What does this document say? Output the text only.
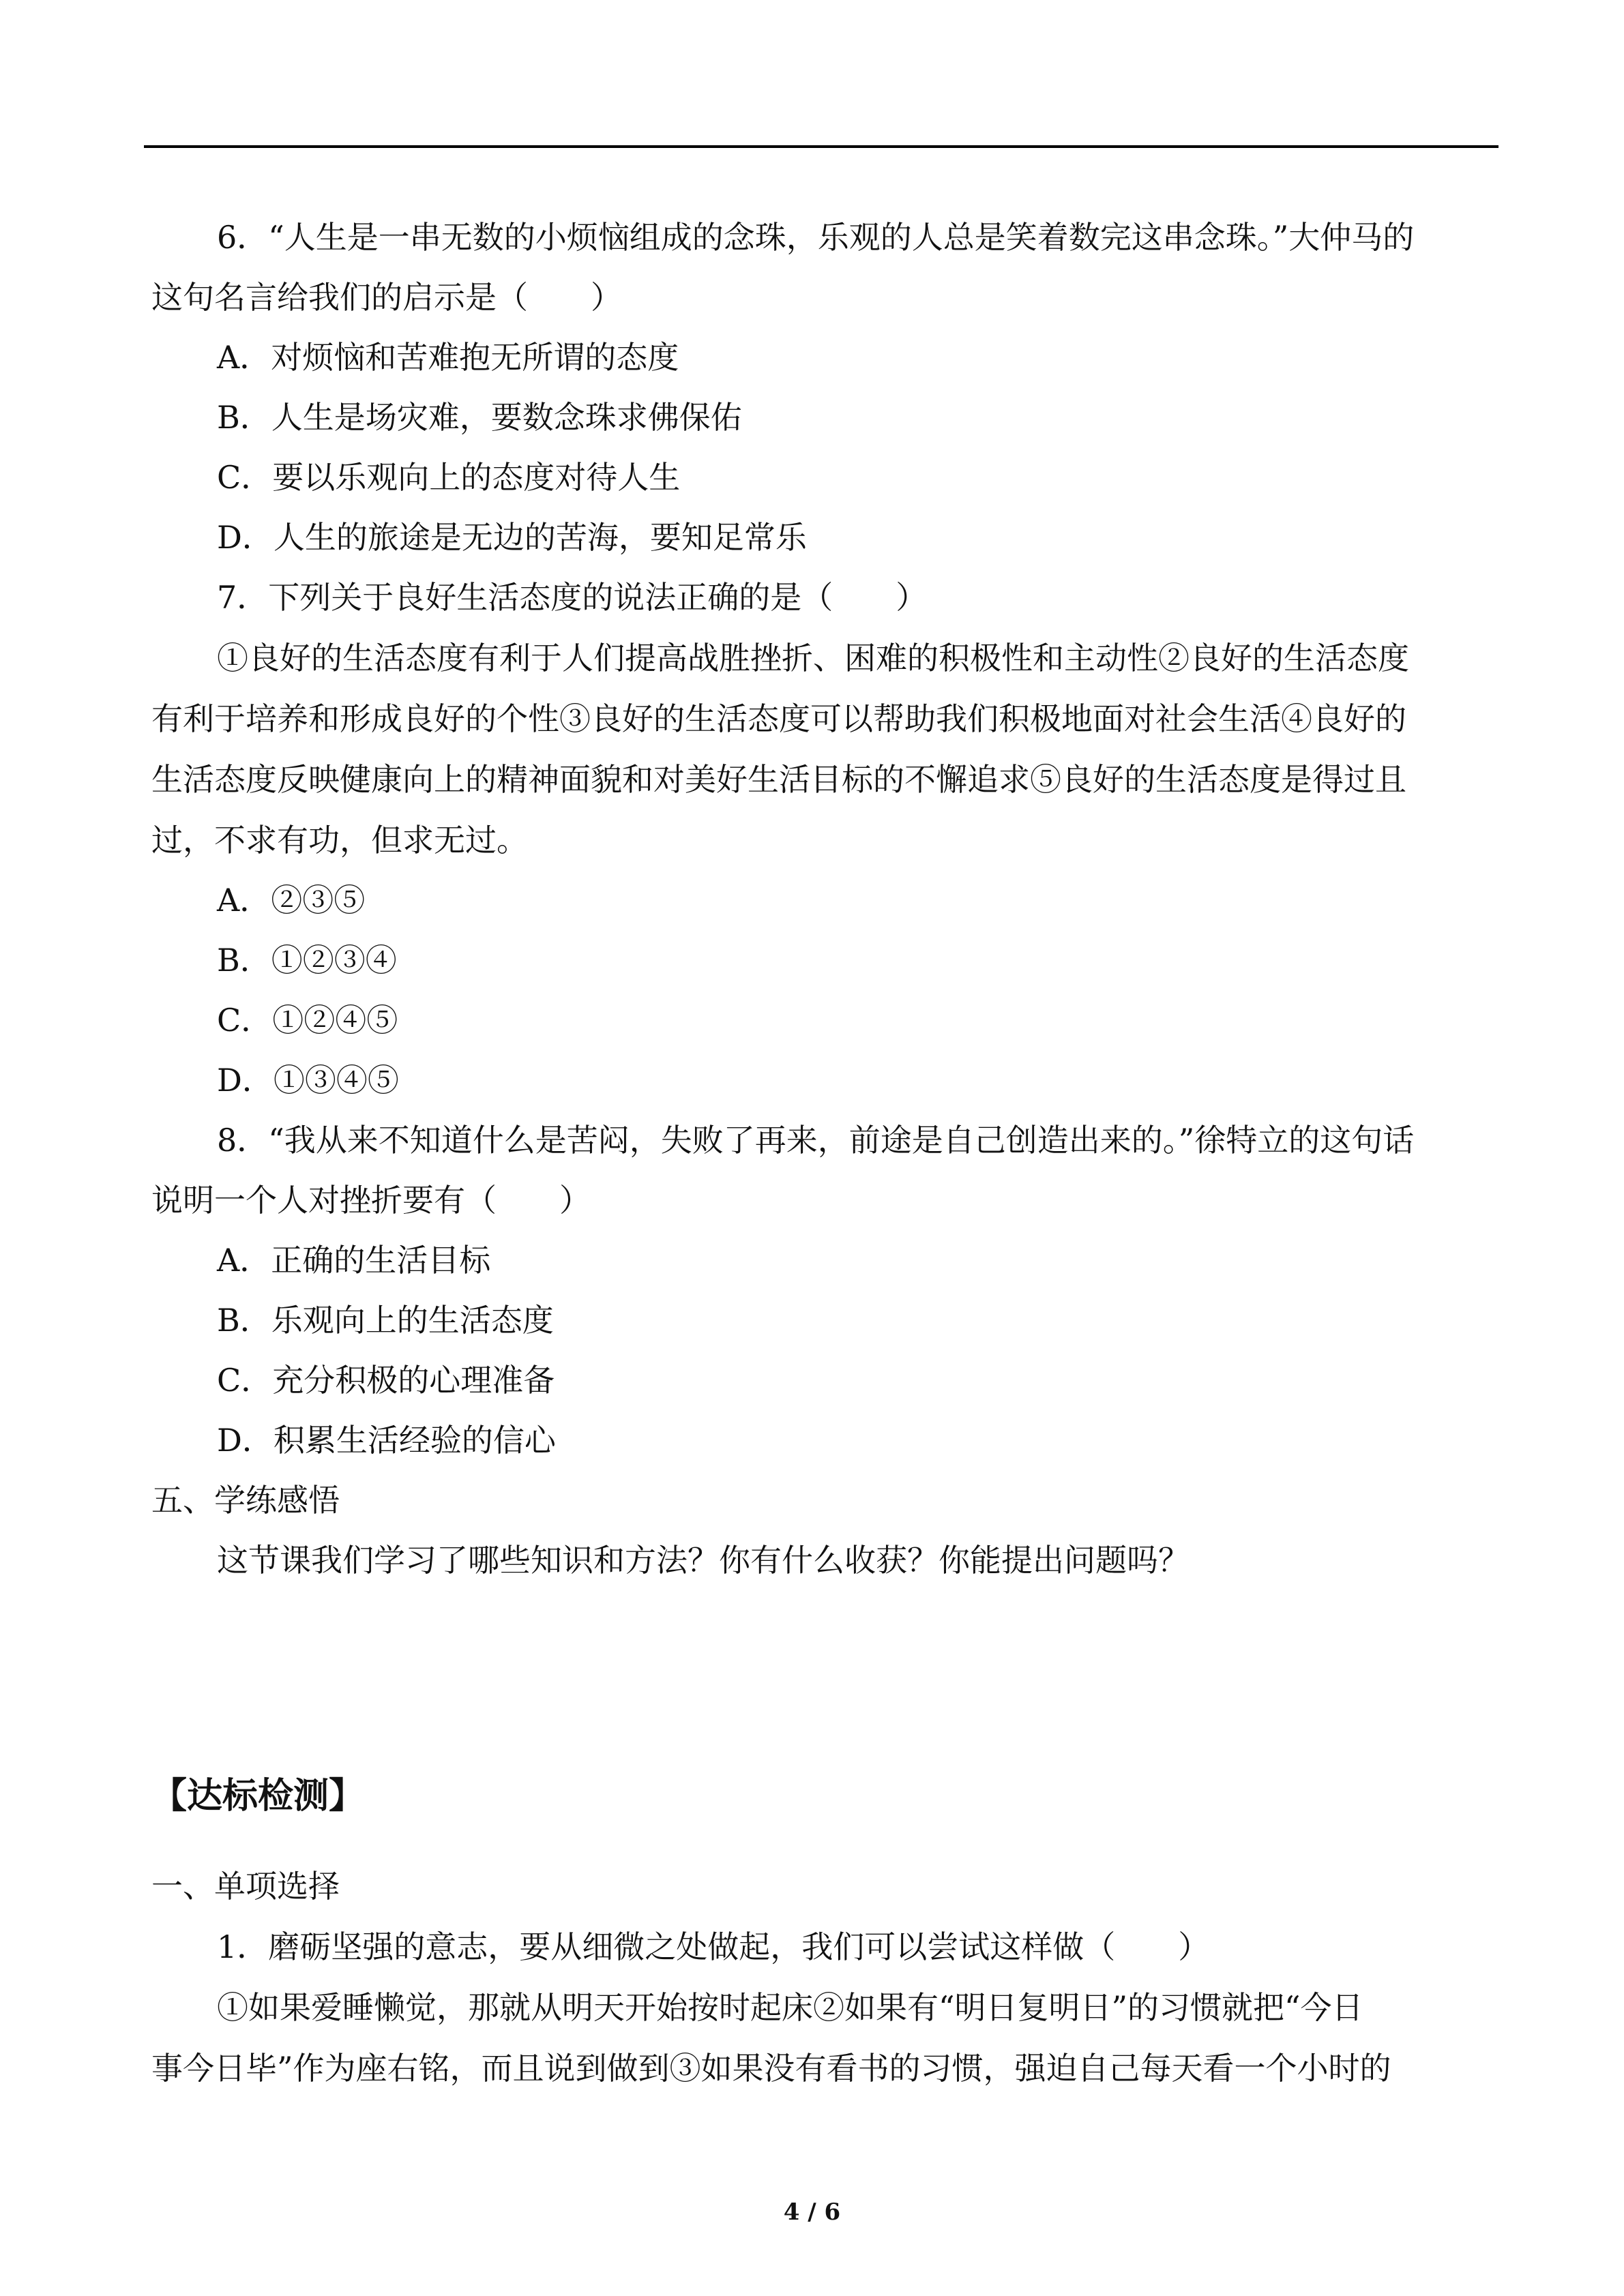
6．“人生是一串无数的小烦恼组成的念珠，乐观的人总是笑着数完这串念珠。”大仲马的
这句名言给我们的启示是（　　）
A．对烦恼和苦难抱无所谓的态度
B．人生是场灾难，要数念珠求佛保佑
C．要以乐观向上的态度对待人生
D．人生的旅途是无边的苦海，要知足常乐
7．下列关于良好生活态度的说法正确的是（　　）
①良好的生活态度有利于人们提高战胜挫折、困难的积极性和主动性②良好的生活态度
有利于培养和形成良好的个性③良好的生活态度可以帮助我们积极地面对社会生活④良好的
生活态度反映健康向上的精神面貌和对美好生活目标的不懈追求⑤良好的生活态度是得过且
过，不求有功，但求无过。
A．②③⑤
B．①②③④
C．①②④⑤
D．①③④⑤
8．“我从来不知道什么是苦闷，失败了再来，前途是自己创造出来的。”徐特立的这句话
说明一个人对挫折要有（　　）
A．正确的生活目标
B．乐观向上的生活态度
C．充分积极的心理准备
D．积累生活经验的信心
五、学练感悟
这节课我们学习了哪些知识和方法？你有什么收获？你能提出问题吗？
【达标检测】
一、单项选择
1．磨砺坚强的意志，要从细微之处做起，我们可以尝试这样做（　　）
①如果爱睡懒觉，那就从明天开始按时起床②如果有“明日复明日”的习惯就把“今日
事今日毕”作为座右铭，而且说到做到③如果没有看书的习惯，强迫自己每天看一个小时的
4 / 6
